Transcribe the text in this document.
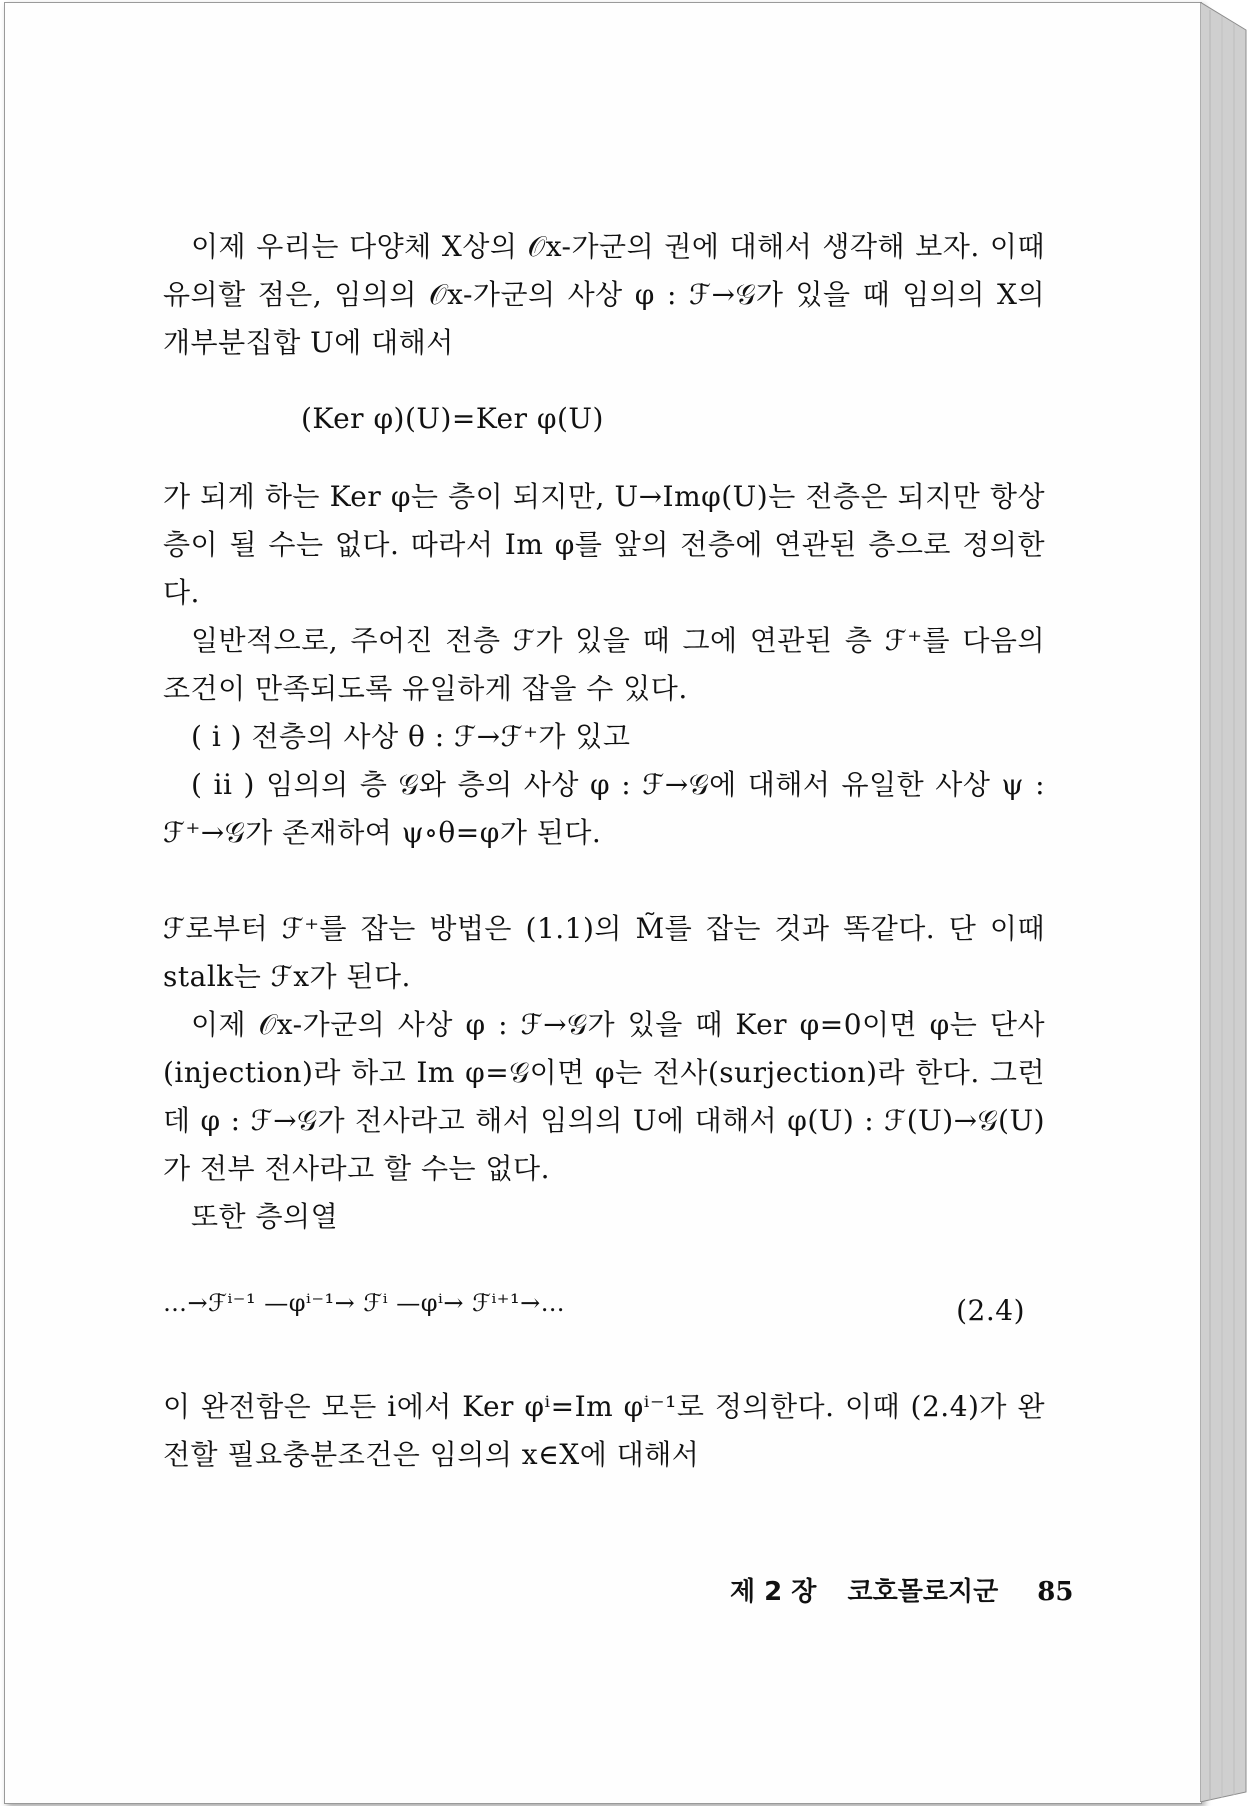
이제 우리는 다양체 X상의 𝒪x-가군의 권에 대해서 생각해 보자. 이때 유의할 점은, 임의의 𝒪x-가군의 사상 φ : ℱ→𝒢가 있을 때 임의의 X의 개부분집합 U에 대해서

(Ker φ)(U)=Ker φ(U)

가 되게 하는 Ker φ는 층이 되지만, U→Imφ(U)는 전층은 되지만 항상 층이 될 수는 없다. 따라서 Im φ를 앞의 전층에 연관된 층으로 정의한다.

일반적으로, 주어진 전층 ℱ가 있을 때 그에 연관된 층 ℱ⁺를 다음의 조건이 만족되도록 유일하게 잡을 수 있다.

( i ) 전층의 사상 θ : ℱ→ℱ⁺가 있고

( ii ) 임의의 층 𝒢와 층의 사상 φ : ℱ→𝒢에 대해서 유일한 사상 ψ : ℱ⁺→𝒢가 존재하여 ψ∘θ=φ가 된다.

ℱ로부터 ℱ⁺를 잡는 방법은 (1.1)의 M̃를 잡는 것과 똑같다. 단 이때 stalk는 ℱx가 된다.

이제 𝒪x-가군의 사상 φ : ℱ→𝒢가 있을 때 Ker φ=0이면 φ는 단사(injection)라 하고 Im φ=𝒢이면 φ는 전사(surjection)라 한다. 그런데 φ : ℱ→𝒢가 전사라고 해서 임의의 U에 대해서 φ(U) : ℱ(U)→𝒢(U)가 전부 전사라고 할 수는 없다.

또한 층의열

…→ℱⁱ⁻¹ —φⁱ⁻¹→ ℱⁱ —φⁱ→ ℱⁱ⁺¹→…	(2.4)

이 완전함은 모든 i에서 Ker φⁱ=Im φⁱ⁻¹로 정의한다. 이때 (2.4)가 완전할 필요충분조건은 임의의 x∈X에 대해서

제 2 장 코호몰로지군 85
